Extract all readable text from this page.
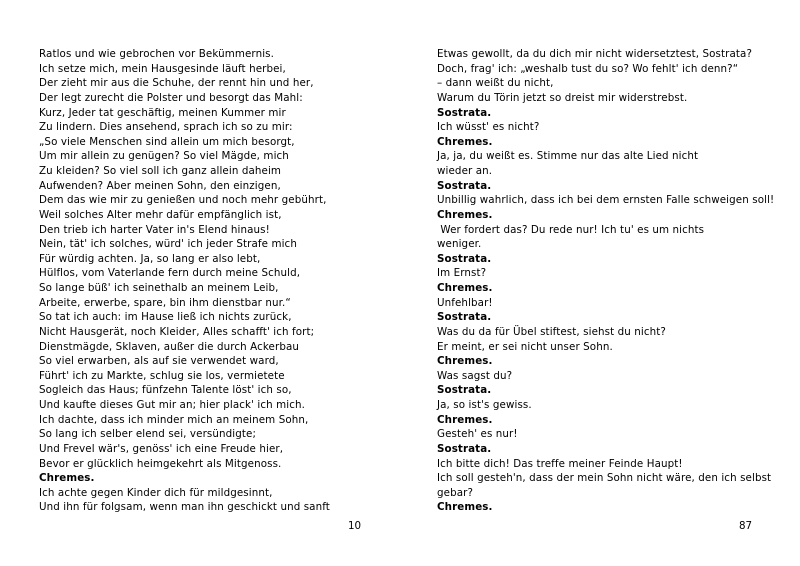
Ratlos und wie gebrochen vor Bekümmernis.
Ich setze mich, mein Hausgesinde läuft herbei,
Der zieht mir aus die Schuhe, der rennt hin und her,
Der legt zurecht die Polster und besorgt das Mahl:
Kurz, Jeder tat geschäftig, meinen Kummer mir
Zu lindern. Dies ansehend, sprach ich so zu mir:
„So viele Menschen sind allein um mich besorgt,
Um mir allein zu genügen? So viel Mägde, mich
Zu kleiden? So viel soll ich ganz allein daheim
Aufwenden? Aber meinen Sohn, den einzigen,
Dem das wie mir zu genießen und noch mehr gebührt,
Weil solches Alter mehr dafür empfänglich ist,
Den trieb ich harter Vater in's Elend hinaus!
Nein, tät' ich solches, würd' ich jeder Strafe mich
Für würdig achten. Ja, so lang er also lebt,
Hülflos, vom Vaterlande fern durch meine Schuld,
So lange büß' ich seinethalb an meinem Leib,
Arbeite, erwerbe, spare, bin ihm dienstbar nur.“
So tat ich auch: im Hause ließ ich nichts zurück,
Nicht Hausgerät, noch Kleider, Alles schafft' ich fort;
Dienstmägde, Sklaven, außer die durch Ackerbau
So viel erwarben, als auf sie verwendet ward,
Führt' ich zu Markte, schlug sie los, vermietete
Sogleich das Haus; fünfzehn Talente löst' ich so,
Und kaufte dieses Gut mir an; hier plack' ich mich.
Ich dachte, dass ich minder mich an meinem Sohn,
So lang ich selber elend sei, versündigte;
Und Frevel wär's, genöss' ich eine Freude hier,
Bevor er glücklich heimgekehrt als Mitgenoss.
Chremes.
Ich achte gegen Kinder dich für mildgesinnt,
Und ihn für folgsam, wenn man ihn geschickt und sanft
Etwas gewollt, da du dich mir nicht widersetztest, Sostrata?
Doch, frag' ich: „weshalb tust du so? Wo fehlt' ich denn?“
– dann weißt du nicht,
Warum du Törin jetzt so dreist mir widerstrebst.
Sostrata.
Ich wüsst' es nicht?
Chremes.
Ja, ja, du weißt es. Stimme nur das alte Lied nicht
wieder an.
Sostrata.
Unbillig wahrlich, dass ich bei dem ernsten Falle schweigen soll!
Chremes.
Wer fordert das? Du rede nur! Ich tu' es um nichts
weniger.
Sostrata.
Im Ernst?
Chremes.
Unfehlbar!
Sostrata.
Was du da für Übel stiftest, siehst du nicht?
Er meint, er sei nicht unser Sohn.
Chremes.
Was sagst du?
Sostrata.
Ja, so ist's gewiss.
Chremes.
Gesteh' es nur!
Sostrata.
Ich bitte dich! Das treffe meiner Feinde Haupt!
Ich soll gesteh'n, dass der mein Sohn nicht wäre, den ich selbst
gebar?
Chremes.
10	87
